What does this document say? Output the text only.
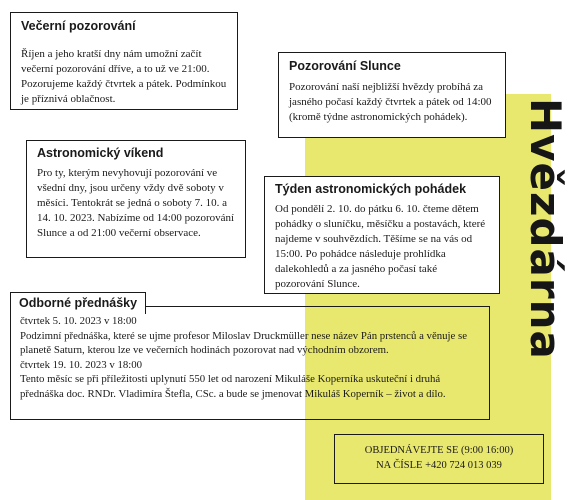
Hvězdárna
Večerní pozorování

Říjen a jeho kratší dny nám umožní začít večerní pozorování dříve, a to už ve 21:00. Pozorujeme každý čtvrtek a pátek. Podmínkou je příznivá oblačnost.

Pozorování Slunce

Pozorování naší nejbližší hvězdy probíhá za jasného počasí každý čtvrtek a pátek od 14:00 (kromě týdne astronomických pohádek).

Astronomický víkend

Pro ty, kterým nevyhovují pozorování ve všední dny, jsou určeny vždy dvě soboty v měsíci. Tentokrát se jedná o soboty 7. 10. a 14. 10. 2023. Nabízíme od 14:00 pozorování Slunce a od 21:00 večerní observace.

Týden astronomických pohádek

Od pondělí 2. 10. do pátku 6. 10. čteme dětem pohádky o sluníčku, měsíčku a postavách, které najdeme v souhvězdích. Těšíme se na vás od 15:00. Po pohádce následuje prohlídka dalekohledů a za jasného počasí také pozorování Slunce.

Odborné přednášky

čtvrtek 5. 10. 2023 v 18:00

Podzimní přednáška, které se ujme profesor Miloslav Druckmüller nese název Pán prstenců a věnuje se planetě Saturn, kterou lze ve večerních hodinách pozorovat nad východním obzorem.

čtvrtek 19. 10. 2023 v 18:00

Tento měsíc se při příležitosti uplynutí 550 let od narození Mikuláše Koperníka uskuteční i druhá přednáška doc. RNDr. Vladimíra Štefla, CSc. a bude se jmenovat Mikuláš Koperník – život a dílo.

OBJEDNÁVEJTE SE (9:00 16:00)

NA ČÍSLE +420 724 013 039
